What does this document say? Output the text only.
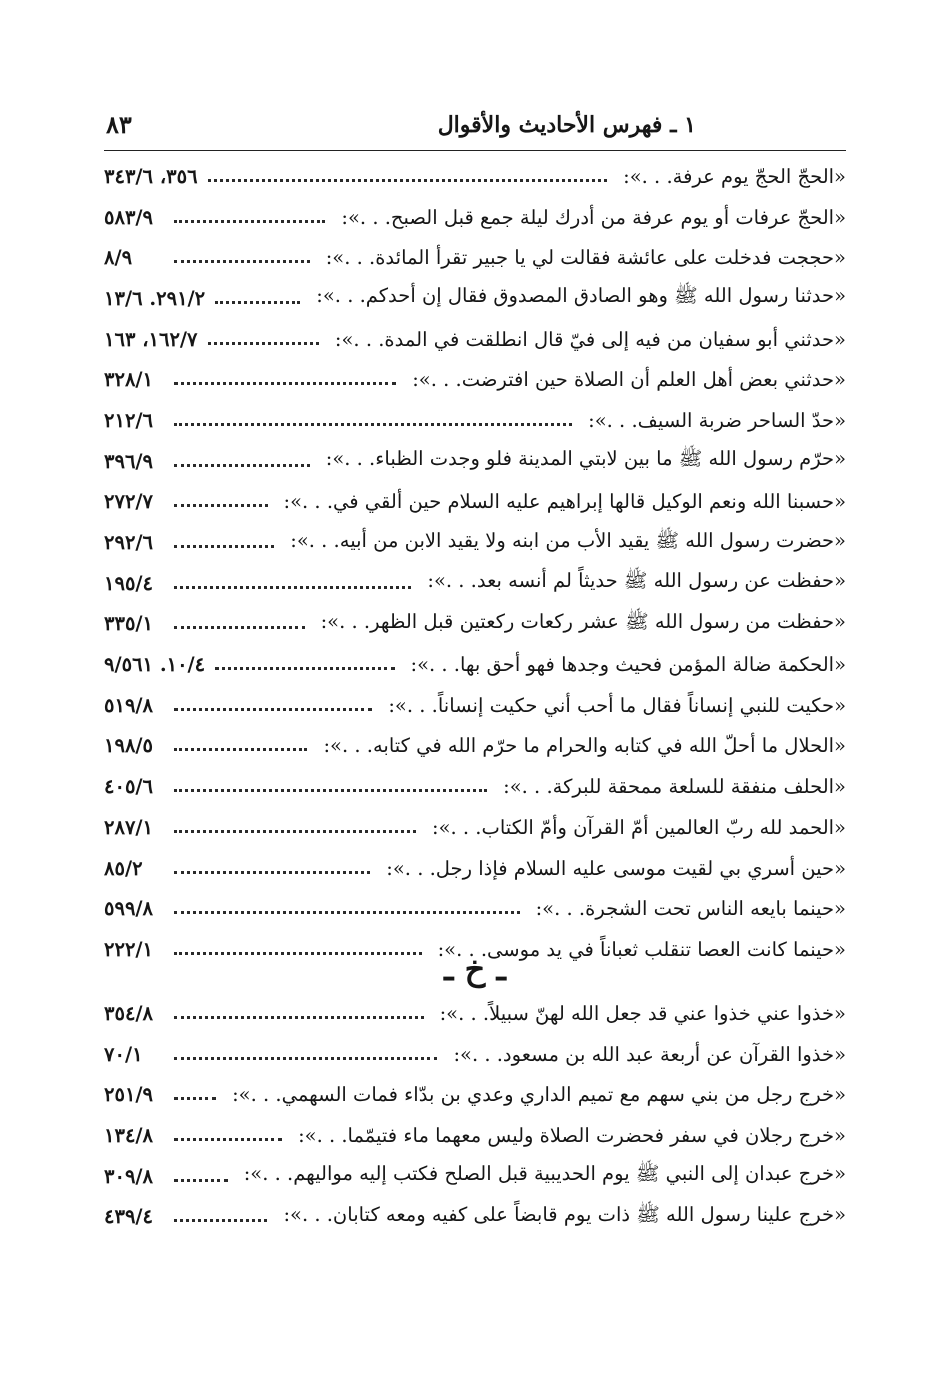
١ ـ فهرس الأحاديث والأقوال
٨٣
«الحجّ الحجّ يوم عرفة. . .»:
٣٥٦، ٣٤٣/٦
«الحجّ عرفات أو يوم عرفة من أدرك ليلة جمع قبل الصبح. . .»:
٥٨٣/٩
«حججت فدخلت على عائشة فقالت لي يا جبير تقرأ المائدة. . .»:
٨/٩
«حدثنا رسول الله ﷺ وهو الصادق المصدوق فقال إن أحدكم. . .»:
٢٩١/٢. ١٣/٦
«حدثني أبو سفيان من فيه إلى فيّ قال انطلقت في المدة. . .»:
١٦٢/٧، ١٦٣
«حدثني بعض أهل العلم أن الصلاة حين افترضت. . .»:
٣٢٨/١
«حدّ الساحر ضربة السيف. . .»:
٢١٢/٦
«حرّم رسول الله ﷺ ما بين لابتي المدينة فلو وجدت الظباء. . .»:
٣٩٦/٩
«حسبنا الله ونعم الوكيل قالها إبراهيم عليه السلام حين ألقي في. . .»:
٢٧٢/٧
«حضرت رسول الله ﷺ يقيد الأب من ابنه ولا يقيد الابن من أبيه. . .»:
٢٩٢/٦
«حفظت عن رسول الله ﷺ حديثاً لم أنسه بعد. . .»:
١٩٥/٤
«حفظت من رسول الله ﷺ عشر ركعات ركعتين قبل الظهر. . .»:
٣٣٥/١
«الحكمة ضالة المؤمن فحيث وجدها فهو أحق بها. . .»:
١٠/٤. ٩/٥٦١
«حكيت للنبي إنساناً فقال ما أحب أني حكيت إنساناً. . .»:
٥١٩/٨
«الحلال ما أحلّ الله في كتابه والحرام ما حرّم الله في كتابه. . .»:
١٩٨/٥
«الحلف منفقة للسلعة ممحقة للبركة. . .»:
٤٠٥/٦
«الحمد لله ربّ العالمين أمّ القرآن وأمّ الكتاب. . .»:
٢٨٧/١
«حين أسري بي لقيت موسى عليه السلام فإذا رجل. . .»:
٨٥/٢
«حينما بايعه الناس تحت الشجرة. . .»:
٥٩٩/٨
«حينما كانت العصا تنقلب ثعباناً في يد موسى. . .»:
٢٢٢/١
ـ خ ـ
«خذوا عني خذوا عني قد جعل الله لهنّ سبيلاً. . .»:
٣٥٤/٨
«خذوا القرآن عن أربعة عبد الله بن مسعود. . .»:
٧٠/١
«خرج رجل من بني سهم مع تميم الداري وعدي بن بدّاء فمات السهمي. . .»:
٢٥١/٩
«خرج رجلان في سفر فحضرت الصلاة وليس معهما ماء فتيمّما. . .»:
١٣٤/٨
«خرج عبدان إلى النبي ﷺ يوم الحديبية قبل الصلح فكتب إليه مواليهم. . .»:
٣٠٩/٨
«خرج علينا رسول الله ﷺ ذات يوم قابضاً على كفيه ومعه كتابان. . .»:
٤٣٩/٤
